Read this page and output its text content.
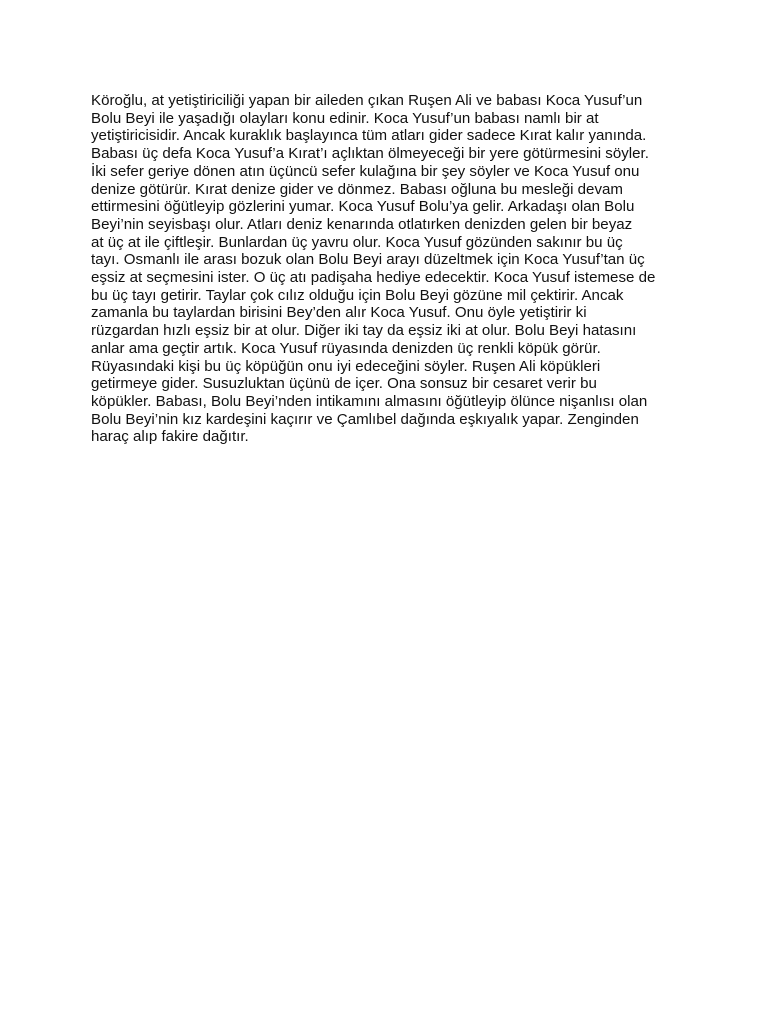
Köroğlu, at yetiştiriciliği yapan bir aileden çıkan Ruşen Ali ve babası Koca Yusuf’un
Bolu Beyi ile yaşadığı olayları konu edinir. Koca Yusuf’un babası namlı bir at
yetiştiricisidir. Ancak kuraklık başlayınca tüm atları gider sadece Kırat kalır yanında.
Babası üç defa Koca Yusuf’a Kırat’ı açlıktan ölmeyeceği bir yere götürmesini söyler.
İki sefer geriye dönen atın üçüncü sefer kulağına bir şey söyler ve Koca Yusuf onu
denize götürür. Kırat denize gider ve dönmez. Babası oğluna bu mesleği devam
ettirmesini öğütleyip gözlerini yumar. Koca Yusuf Bolu’ya gelir. Arkadaşı olan Bolu
Beyi’nin seyisbaşı olur. Atları deniz kenarında otlatırken denizden gelen bir beyaz
at üç at ile çiftleşir. Bunlardan üç yavru olur. Koca Yusuf gözünden sakınır bu üç
tayı. Osmanlı ile arası bozuk olan Bolu Beyi arayı düzeltmek için Koca Yusuf’tan üç
eşsiz at seçmesini ister. O üç atı padişaha hediye edecektir. Koca Yusuf istemese de
bu üç tayı getirir. Taylar çok cılız olduğu için Bolu Beyi gözüne mil çektirir. Ancak
zamanla bu taylardan birisini Bey’den alır Koca Yusuf. Onu öyle yetiştirir ki
rüzgardan hızlı eşsiz bir at olur. Diğer iki tay da eşsiz iki at olur. Bolu Beyi hatasını
anlar ama geçtir artık. Koca Yusuf rüyasında denizden üç renkli köpük görür.
Rüyasındaki kişi bu üç köpüğün onu iyi edeceğini söyler. Ruşen Ali köpükleri
getirmeye gider. Susuzluktan üçünü de içer. Ona sonsuz bir cesaret verir bu
köpükler. Babası, Bolu Beyi’nden intikamını almasını öğütleyip ölünce nişanlısı olan
Bolu Beyi’nin kız kardeşini kaçırır ve Çamlıbel dağında eşkıyalık yapar. Zenginden
haraç alıp fakire dağıtır.
